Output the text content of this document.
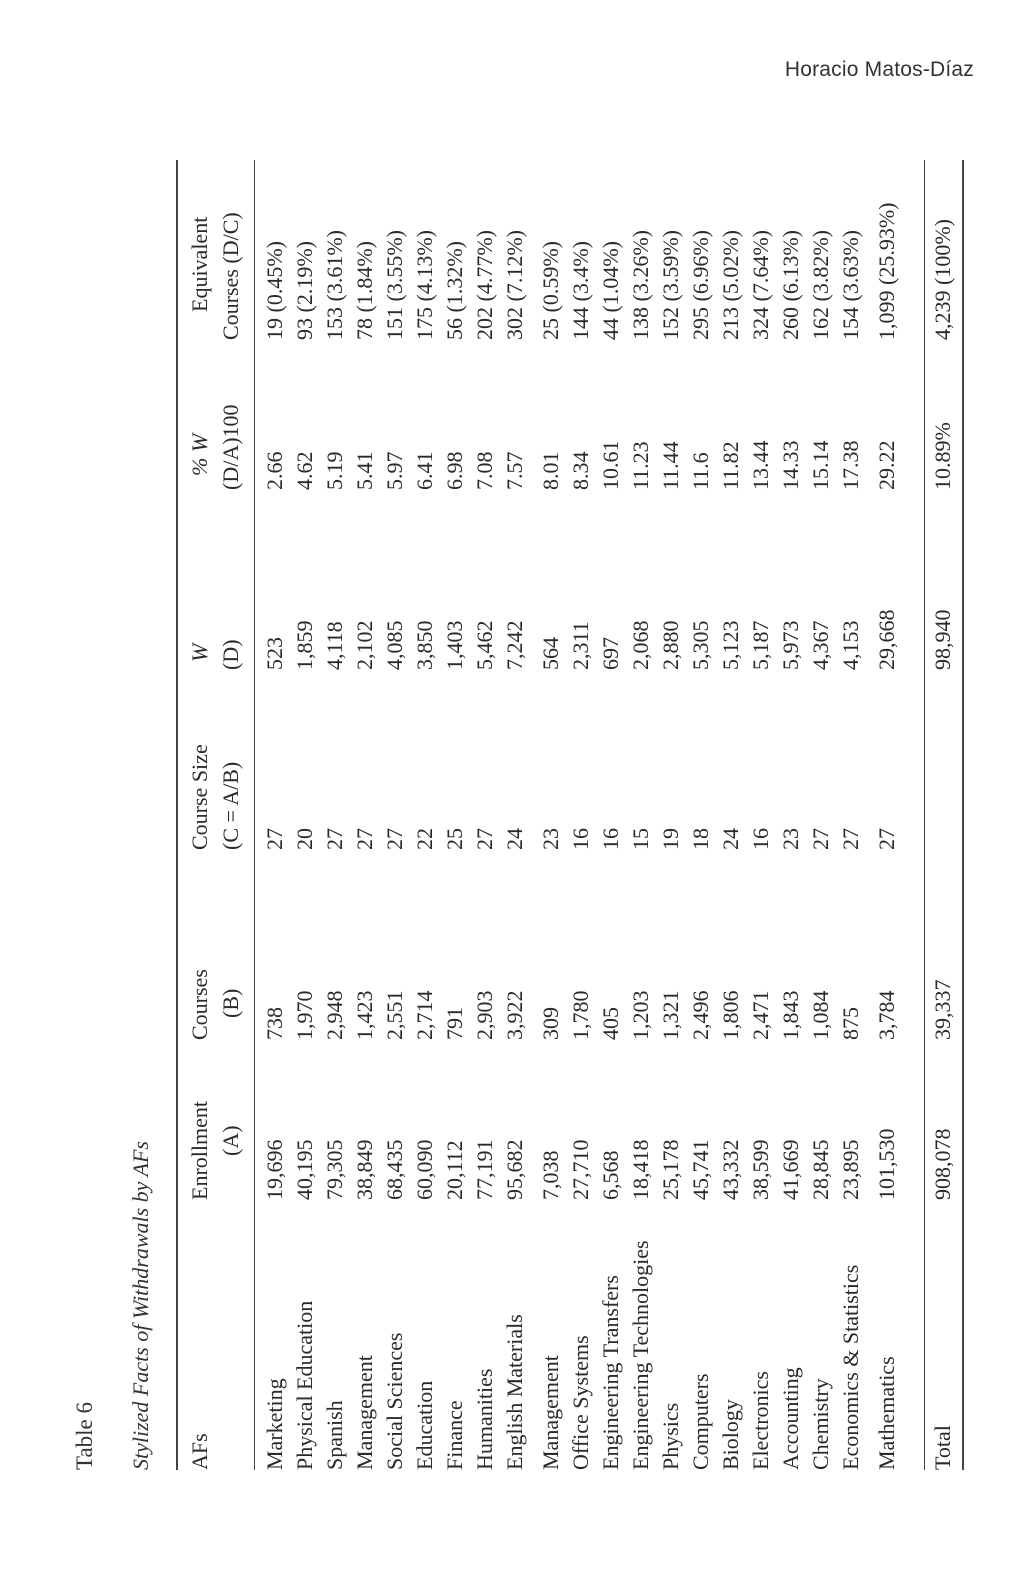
Horacio Matos-Díaz
Table 6 Stylized Facts of Withdrawals by AFs AFs
Enrollment (A)
Courses (B)
Course Size (C = A/B)
W (D)
% W (D/A)100
Equivalent Courses (D/C)
Marketing
19,696
738
27
523
2.66
19 (0.45%)
Physical Education
40,195
1,970
20
1,859
4.62
93 (2.19%)
Spanish
79,305
2,948
27
4,118
5.19
153 (3.61%)
Management
38,849
1,423
27
2,102
5.41
78 (1.84%)
Social Sciences
68,435
2,551
27
4,085
5.97
151 (3.55%)
Education
60,090
2,714
22
3,850
6.41
175 (4.13%)
Finance
20,112
791
25
1,403
6.98
56 (1.32%)
Humanities
77,191
2,903
27
5,462
7.08
202 (4.77%)
English Materials
95,682
3,922
24
7,242
7.57
302 (7.12%)
Management
7,038
309
23
564
8.01
25 (0.59%)
Office Systems
27,710
1,780
16
2,311
8.34
144 (3.4%)
Engineering Transfers
6,568
405
16
697
10.61
44 (1.04%)
Engineering Technologies
18,418
1,203
15
2,068
11.23
138 (3.26%)
Physics
25,178
1,321
19
2,880
11.44
152 (3.59%)
Computers
45,741
2,496
18
5,305
11.6
295 (6.96%)
Biology
43,332
1,806
24
5,123
11.82
213 (5.02%)
Electronics
38,599
2,471
16
5,187
13.44
324 (7.64%)
Accounting
41,669
1,843
23
5,973
14.33
260 (6.13%)
Chemistry
28,845
1,084
27
4,367
15.14
162 (3.82%)
Economics & Statistics
23,895
875
27
4,153
17.38
154 (3.63%)
Mathematics
101,530
3,784
27
29,668
29.22
1,099 (25.93%)
Total
908,078
39,337
98,940
10.89%
4,239 (100%)
